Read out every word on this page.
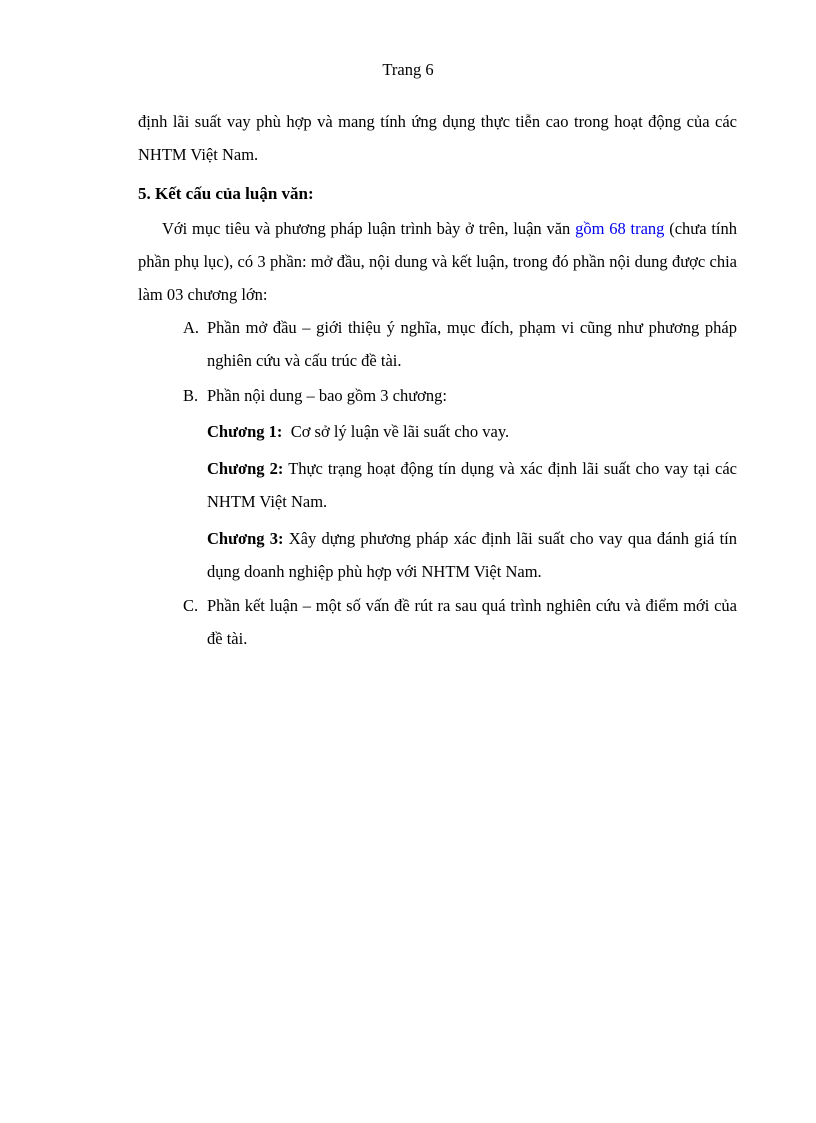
Trang 6

định lãi suất vay phù hợp và mang tính ứng dụng thực tiễn cao trong hoạt động của các NHTM Việt Nam.

5. Kết cấu của luận văn:

Với mục tiêu và phương pháp luận trình bày ở trên, luận văn gồm 68 trang (chưa tính phần phụ lục), có 3 phần: mở đầu, nội dung và kết luận, trong đó phần nội dung được chia làm 03 chương lớn:

A. Phần mở đầu – giới thiệu ý nghĩa, mục đích, phạm vi cũng như phương pháp nghiên cứu và cấu trúc đề tài.
B. Phần nội dung – bao gồm 3 chương:

Chương 1:  Cơ sở lý luận về lãi suất cho vay.

Chương 2: Thực trạng hoạt động tín dụng và xác định lãi suất cho vay tại các NHTM Việt Nam.

Chương 3: Xây dựng phương pháp xác định lãi suất cho vay qua đánh giá tín dụng doanh nghiệp phù hợp với NHTM Việt Nam.

C. Phần kết luận – một số vấn đề rút ra sau quá trình nghiên cứu và điểm mới của đề tài.
